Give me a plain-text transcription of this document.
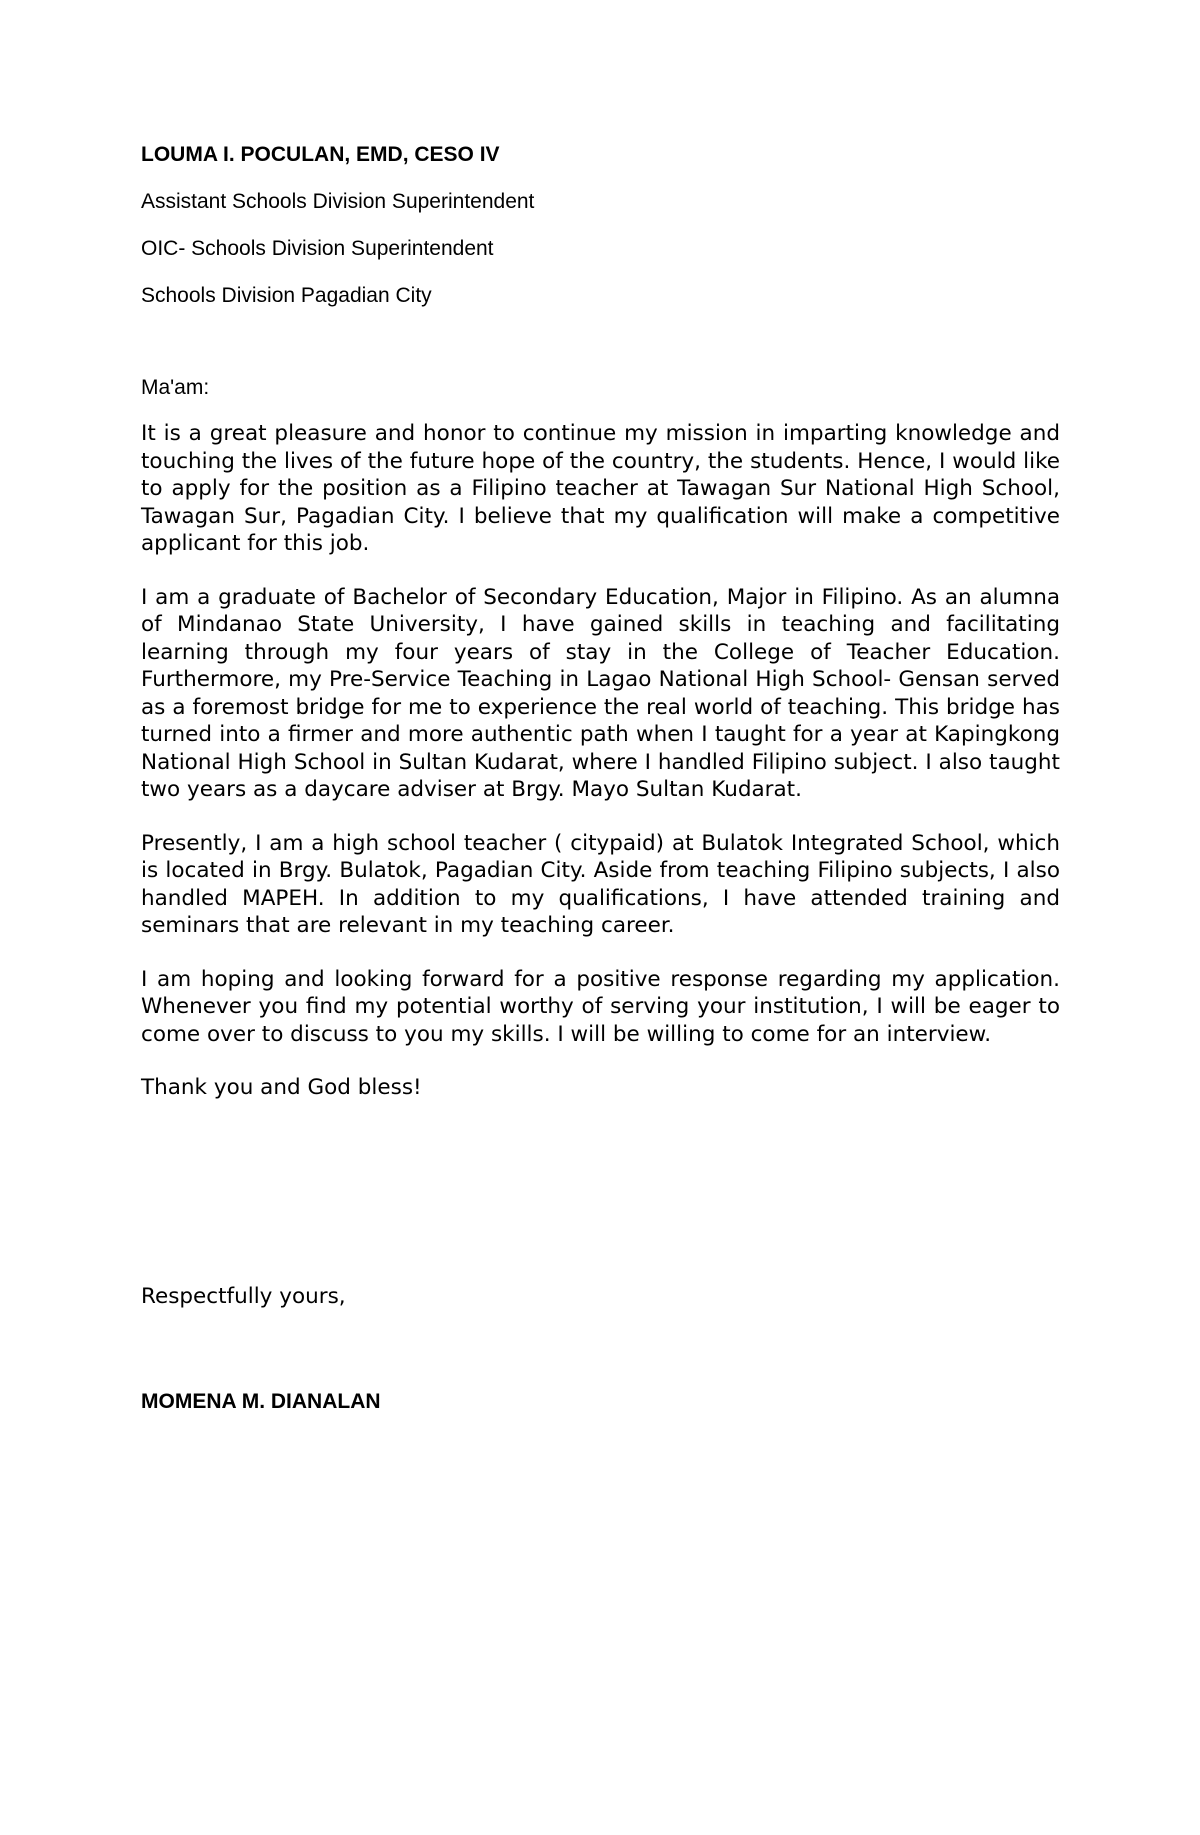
LOUMA I. POCULAN, EMD, CESO IV

Assistant Schools Division Superintendent

OIC- Schools Division Superintendent

Schools Division Pagadian City

Ma'am:

It is a great pleasure and honor to continue my mission in imparting knowledge and touching the lives of the future hope of the country, the students. Hence, I would like to apply for the position as a Filipino teacher at Tawagan Sur National High School, Tawagan Sur, Pagadian City. I believe that my qualification will make a competitive applicant for this job.

I am a graduate of Bachelor of Secondary Education, Major in Filipino. As an alumna of Mindanao State University, I have gained skills in teaching and facilitating learning through my four years of stay in the College of Teacher Education. Furthermore, my Pre-Service Teaching in Lagao National High School- Gensan served as a foremost bridge for me to experience the real world of teaching. This bridge has turned into a firmer and more authentic path when I taught for a year at Kapingkong National High School in Sultan Kudarat, where I handled Filipino subject. I also taught two years as a daycare adviser at Brgy. Mayo Sultan Kudarat.

Presently, I am a high school teacher ( citypaid) at Bulatok Integrated School, which is located in Brgy. Bulatok, Pagadian City. Aside from teaching Filipino subjects, I also handled MAPEH. In addition to my qualifications, I have attended training and seminars that are relevant in my teaching career.

I am hoping and looking forward for a positive response regarding my application. Whenever you find my potential worthy of serving your institution, I will be eager to come over to discuss to you my skills. I will be willing to come for an interview.

Thank you and God bless!

Respectfully yours,

MOMENA M. DIANALAN
